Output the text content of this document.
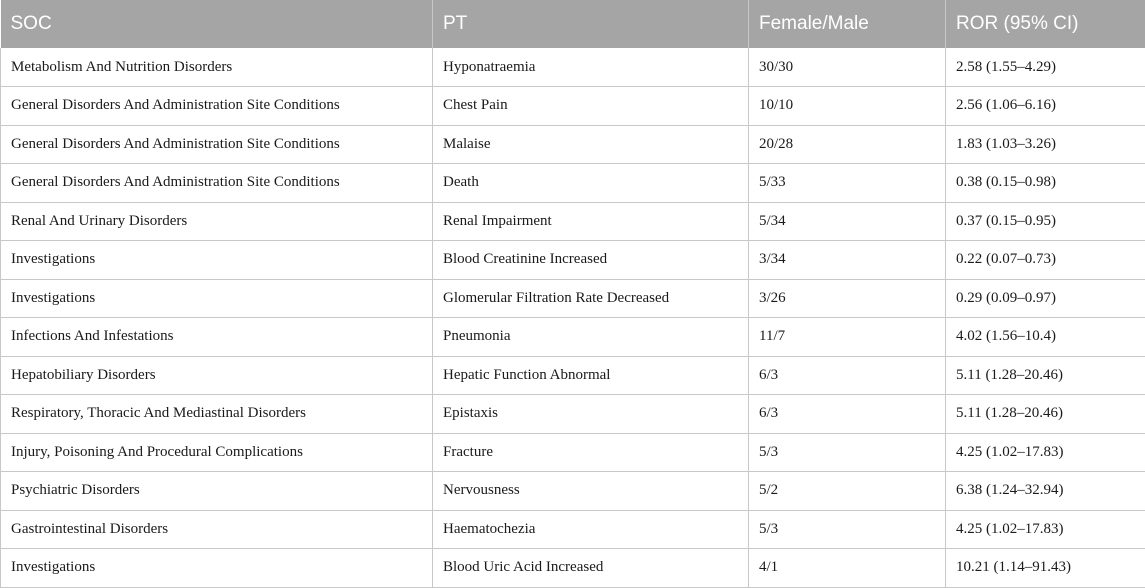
SOC	PT	Female/Male	ROR (95% CI)
Metabolism And Nutrition Disorders	Hyponatraemia	30/30	2.58 (1.55–4.29)
General Disorders And Administration Site Conditions	Chest Pain	10/10	2.56 (1.06–6.16)
General Disorders And Administration Site Conditions	Malaise	20/28	1.83 (1.03–3.26)
General Disorders And Administration Site Conditions	Death	5/33	0.38 (0.15–0.98)
Renal And Urinary Disorders	Renal Impairment	5/34	0.37 (0.15–0.95)
Investigations	Blood Creatinine Increased	3/34	0.22 (0.07–0.73)
Investigations	Glomerular Filtration Rate Decreased	3/26	0.29 (0.09–0.97)
Infections And Infestations	Pneumonia	11/7	4.02 (1.56–10.4)
Hepatobiliary Disorders	Hepatic Function Abnormal	6/3	5.11 (1.28–20.46)
Respiratory, Thoracic And Mediastinal Disorders	Epistaxis	6/3	5.11 (1.28–20.46)
Injury, Poisoning And Procedural Complications	Fracture	5/3	4.25 (1.02–17.83)
Psychiatric Disorders	Nervousness	5/2	6.38 (1.24–32.94)
Gastrointestinal Disorders	Haematochezia	5/3	4.25 (1.02–17.83)
Investigations	Blood Uric Acid Increased	4/1	10.21 (1.14–91.43)
